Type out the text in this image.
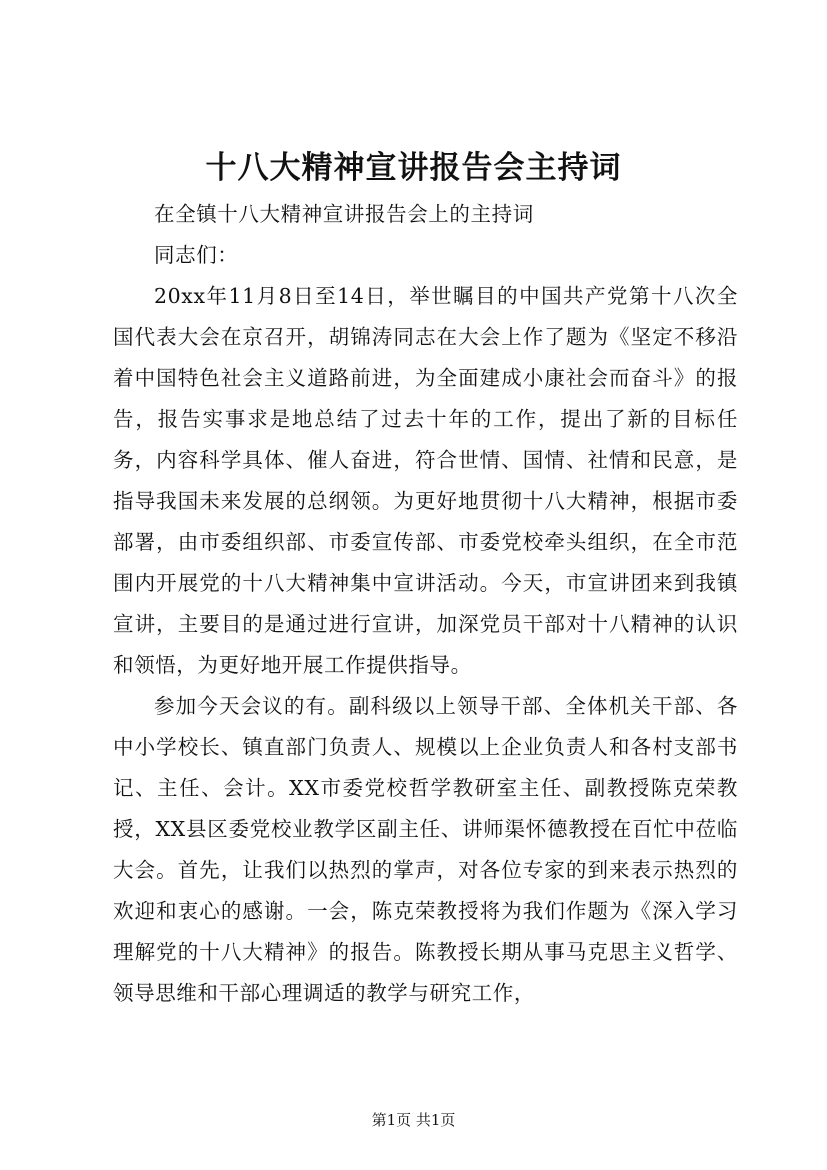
十八大精神宣讲报告会主持词

在全镇十八大精神宣讲报告会上的主持词

同志们：

20xx年11月8日至14日，举世瞩目的中国共产党第十八次全国代表大会在京召开，胡锦涛同志在大会上作了题为《坚定不移沿着中国特色社会主义道路前进，为全面建成小康社会而奋斗》的报告，报告实事求是地总结了过去十年的工作，提出了新的目标任务，内容科学具体、催人奋进，符合世情、国情、社情和民意，是指导我国未来发展的总纲领。为更好地贯彻十八大精神，根据市委部署，由市委组织部、市委宣传部、市委党校牵头组织，在全市范围内开展党的十八大精神集中宣讲活动。今天，市宣讲团来到我镇宣讲，主要目的是通过进行宣讲，加深党员干部对十八精神的认识和领悟，为更好地开展工作提供指导。

参加今天会议的有。副科级以上领导干部、全体机关干部、各中小学校长、镇直部门负责人、规模以上企业负责人和各村支部书记、主任、会计。XX市委党校哲学教研室主任、副教授陈克荣教授，XX县区委党校业教学区副主任、讲师渠怀德教授在百忙中莅临大会。首先，让我们以热烈的掌声，对各位专家的到来表示热烈的欢迎和衷心的感谢。一会，陈克荣教授将为我们作题为《深入学习理解党的十八大精神》的报告。陈教授长期从事马克思主义哲学、领导思维和干部心理调适的教学与研究工作，

第1页 共1页
